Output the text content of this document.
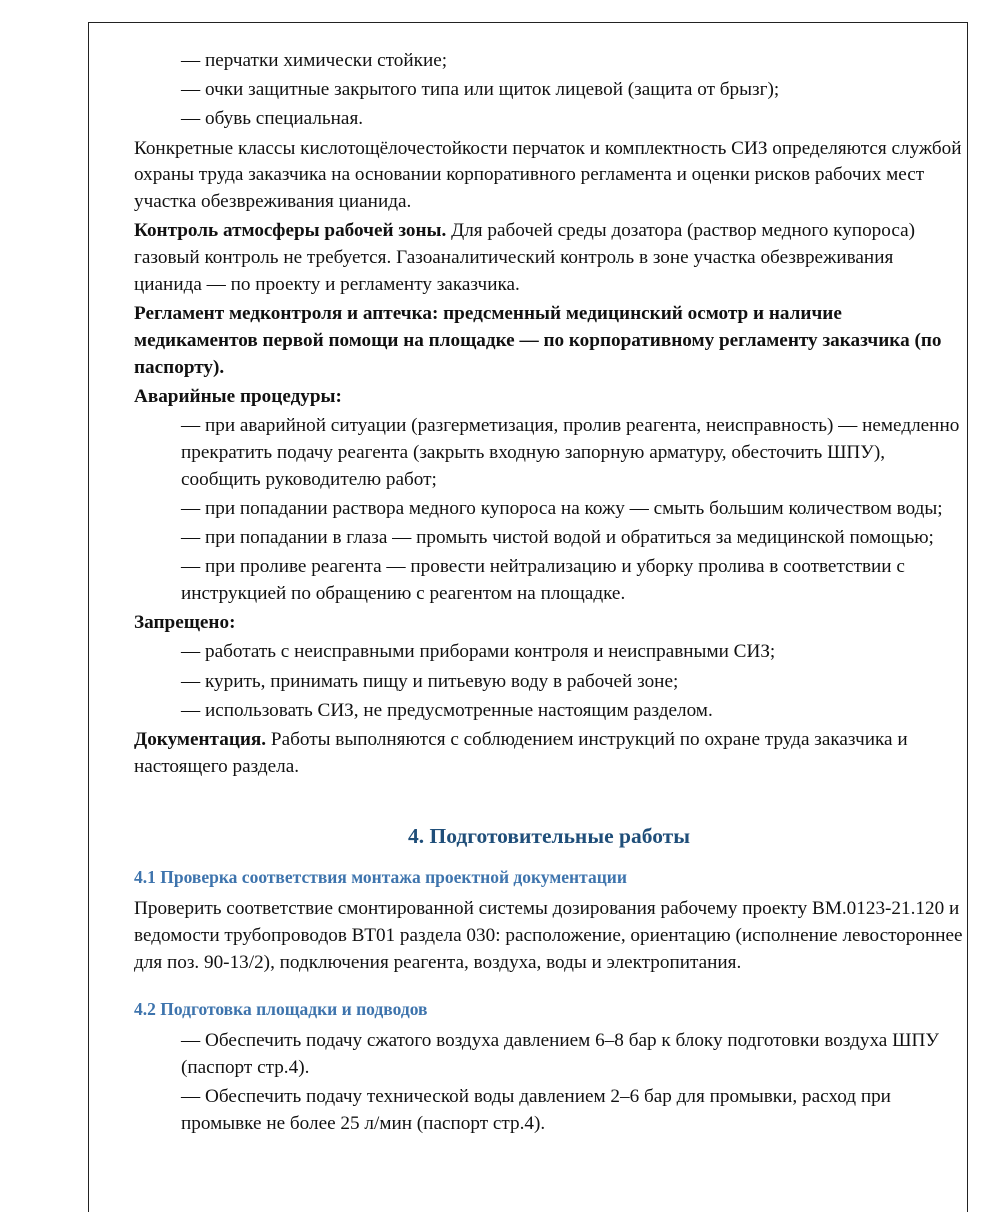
— перчатки химически стойкие;

— очки защитные закрытого типа или щиток лицевой (защита от брызг);

— обувь специальная.

Конкретные классы кислотощёлочестойкости перчаток и комплектность СИЗ определяются службой охраны труда заказчика на основании корпоративного регламента и оценки рисков рабочих мест участка обезвреживания цианида.

Контроль атмосферы рабочей зоны. Для рабочей среды дозатора (раствор медного купороса) газовый контроль не требуется. Газоаналитический контроль в зоне участка обезвреживания цианида — по проекту и регламенту заказчика.

Регламент медконтроля и аптечка: предсменный медицинский осмотр и наличие медикаментов первой помощи на площадке — по корпоративному регламенту заказчика (по паспорту).

Аварийные процедуры:

— при аварийной ситуации (разгерметизация, пролив реагента, неисправность) — немедленно прекратить подачу реагента (закрыть входную запорную арматуру, обесточить ШПУ), сообщить руководителю работ;

— при попадании раствора медного купороса на кожу — смыть большим количеством воды;

— при попадании в глаза — промыть чистой водой и обратиться за медицинской помощью;

— при проливе реагента — провести нейтрализацию и уборку пролива в соответствии с инструкцией по обращению с реагентом на площадке.

Запрещено:

— работать с неисправными приборами контроля и неисправными СИЗ;

— курить, принимать пищу и питьевую воду в рабочей зоне;

— использовать СИЗ, не предусмотренные настоящим разделом.

Документация. Работы выполняются с соблюдением инструкций по охране труда заказчика и настоящего раздела.

4. Подготовительные работы
4.1 Проверка соответствия монтажа проектной документации

Проверить соответствие смонтированной системы дозирования рабочему проекту ВМ.0123-21.120 и ведомости трубопроводов ВТ01 раздела 030: расположение, ориентацию (исполнение левостороннее для поз. 90-13/2), подключения реагента, воздуха, воды и электропитания.

4.2 Подготовка площадки и подводов

— Обеспечить подачу сжатого воздуха давлением 6–8 бар к блоку подготовки воздуха ШПУ (паспорт стр.4).

— Обеспечить подачу технической воды давлением 2–6 бар для промывки, расход при промывке не более 25 л/мин (паспорт стр.4).
